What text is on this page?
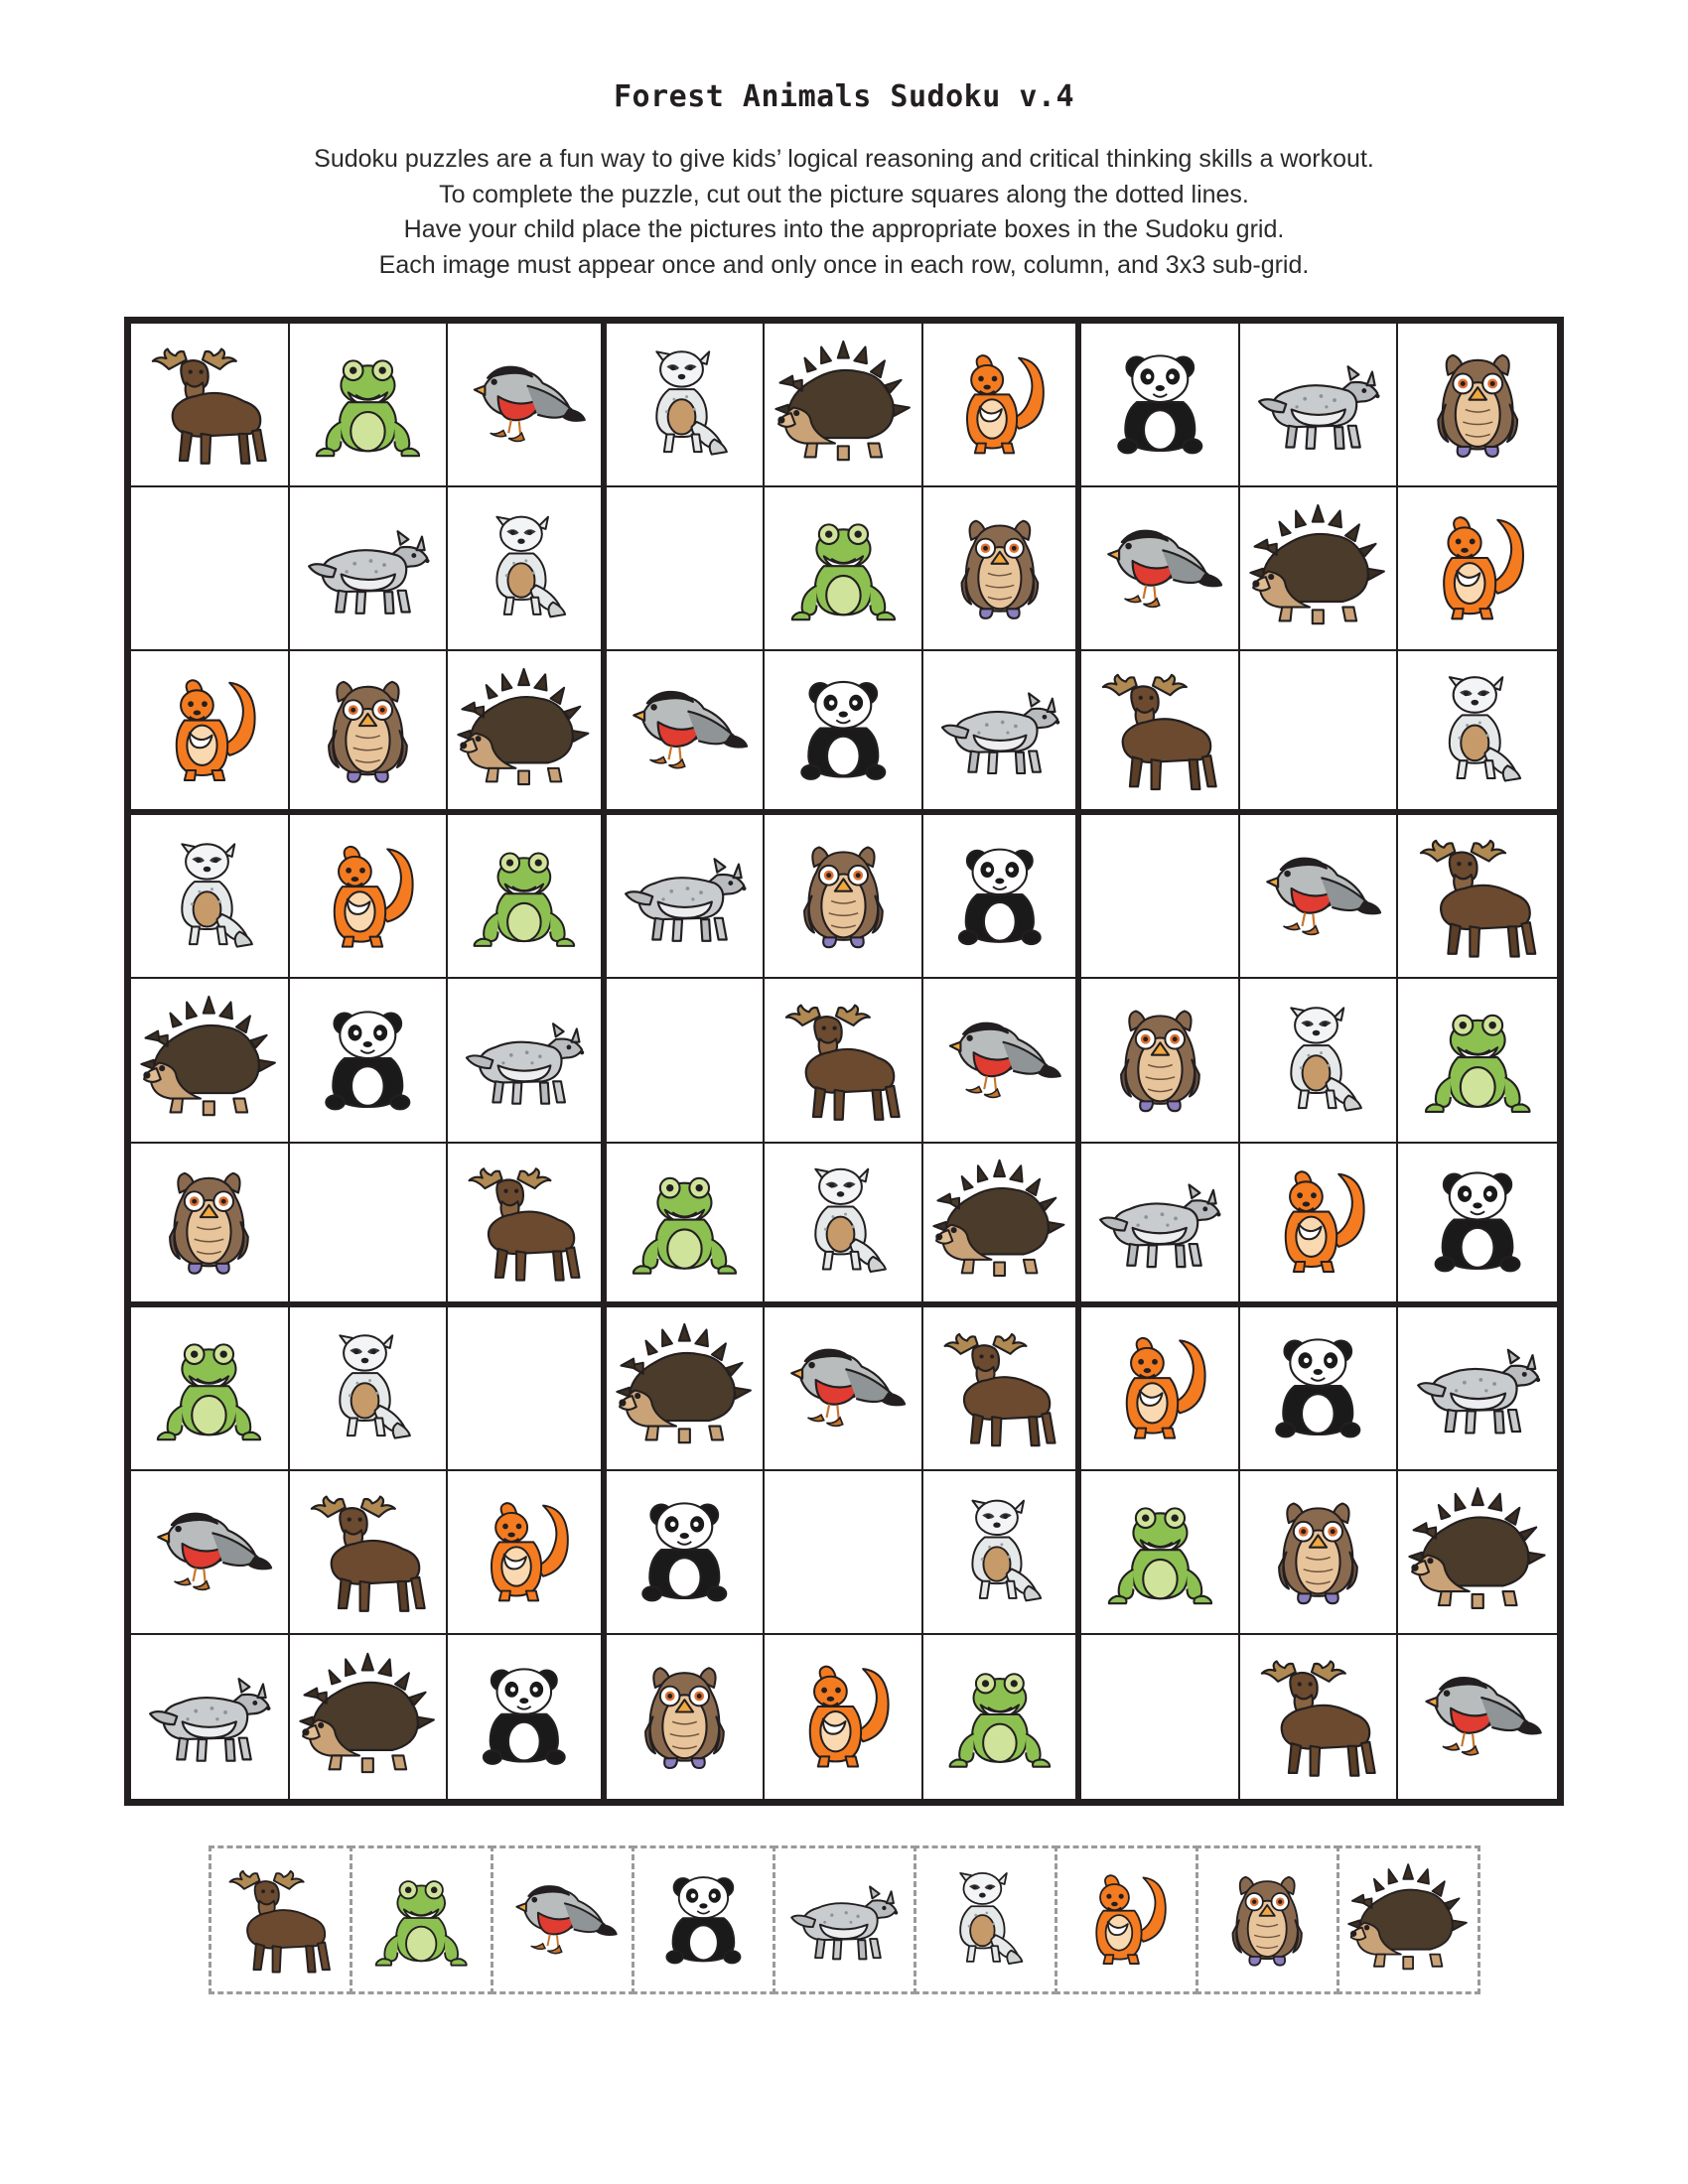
Forest Animals Sudoku v.4
Sudoku puzzles are a fun way to give kids’ logical reasoning and critical thinking skills a workout.
To complete the puzzle, cut out the picture squares along the dotted lines.
Have your child place the pictures into the appropriate boxes in the Sudoku grid.
Each image must appear once and only once in each row, column, and 3x3 sub-grid.
